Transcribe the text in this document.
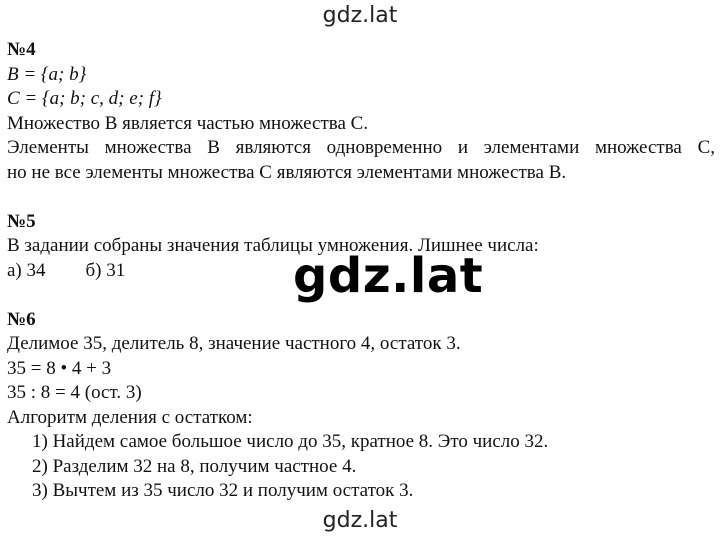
gdz.lat
№4
B = {a; b}
C = {a; b; c, d; e; f}
Множество B является частью множества C.
Элементы множества B являются одновременно и элементами множества C,
но не все элементы множества C являются элементами множества B.
№5
В задании собраны значения таблицы умножения. Лишнее числа:
а) 34 б) 31
№6
Делимое 35, делитель 8, значение частного 4, остаток 3.
35 = 8 • 4 + 3
35 : 8 = 4 (ост. 3)
Алгоритм деления с остатком:
1) Найдем самое большое число до 35, кратное 8. Это число 32.
2) Разделим 32 на 8, получим частное 4.
3) Вычтем из 35 число 32 и получим остаток 3.
gdz.lat
gdz.lat
